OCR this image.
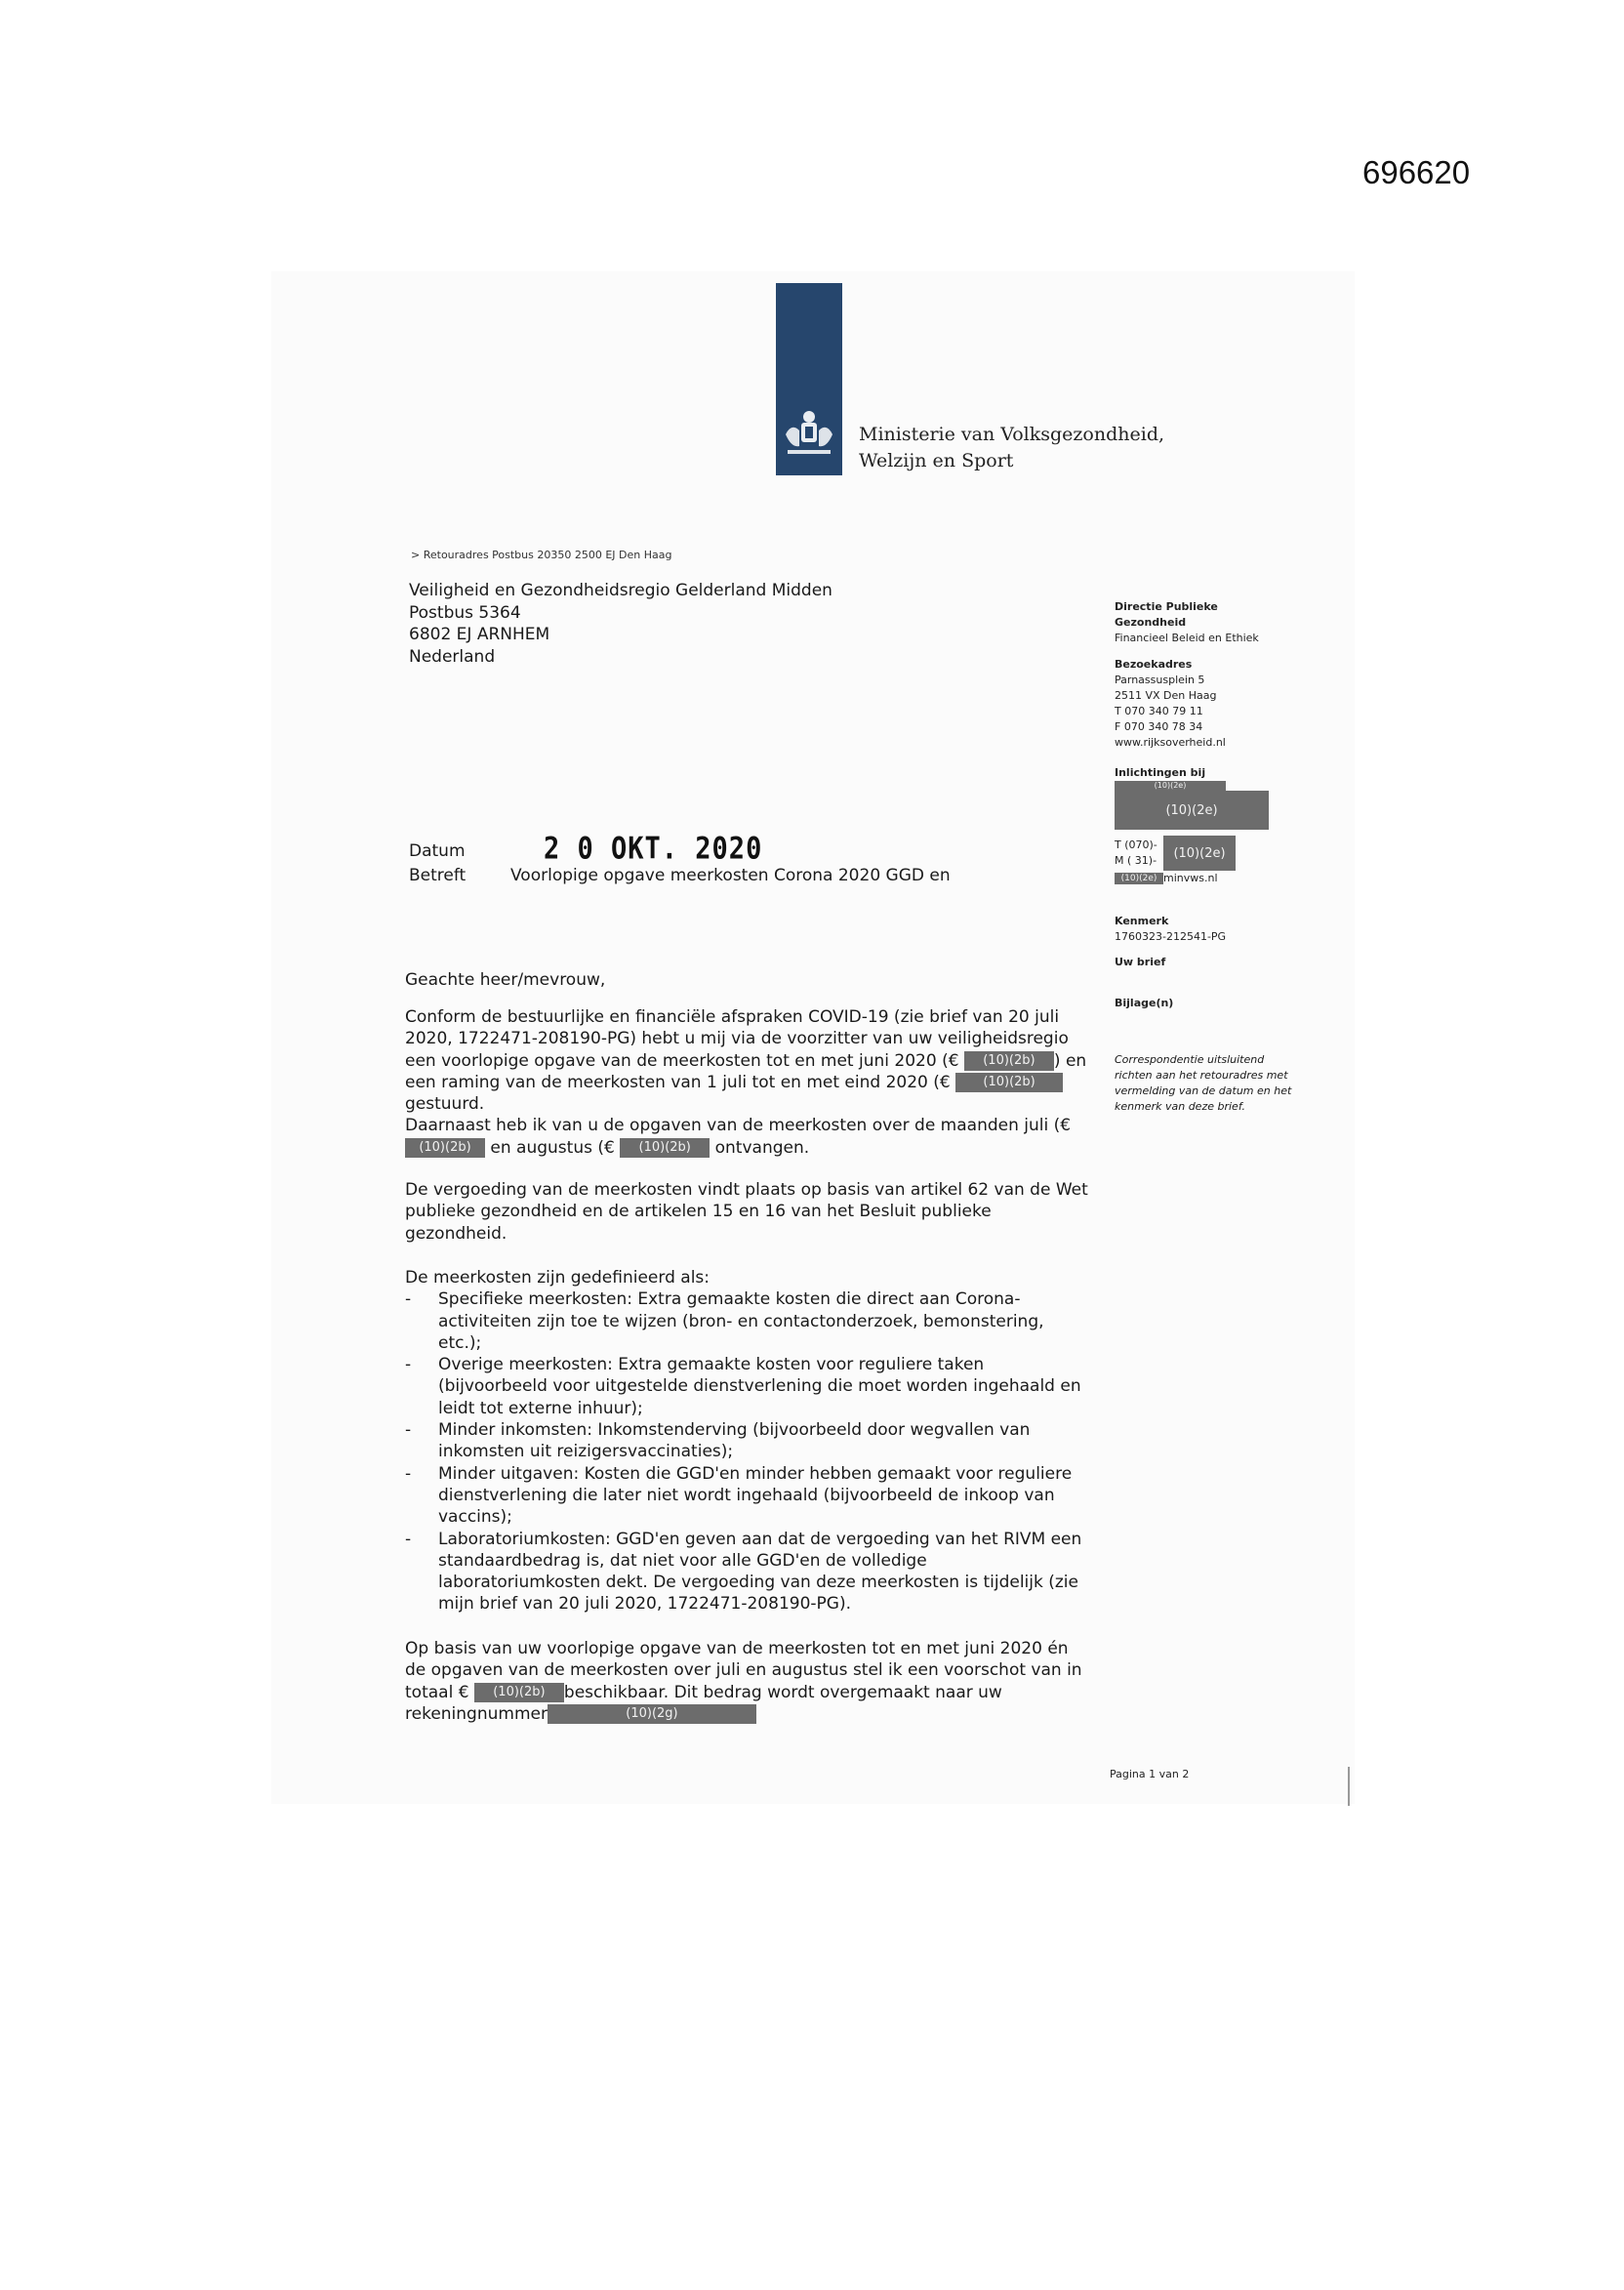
696620
Ministerie van Volksgezondheid,
Welzijn en Sport
> Retouradres Postbus 20350 2500 EJ Den Haag
Veiligheid en Gezondheidsregio Gelderland Midden
Postbus 5364
6802 EJ ARNHEM
Nederland
Directie Publieke
Gezondheid
Financieel Beleid en Ethiek
Bezoekadres
Parnassusplein 5
2511 VX Den Haag
T 070 340 79 11
F 070 340 78 34
www.rijksoverheid.nl
Inlichtingen bij
(10)(2e)
(10)(2e)
T (070)-
M ( 31)-	(10)(2e)
(10)(2e) minvws.nl
Kenmerk
1760323-212541-PG
Uw brief
Bijlage(n)
Correspondentie uitsluitend richten aan het retouradres met vermelding van de datum en het kenmerk van deze brief.
Datum	2 0 OKT. 2020
Betreft	Voorlopige opgave meerkosten Corona 2020 GGD en
Geachte heer/mevrouw,
Conform de bestuurlijke en financiële afspraken COVID-19 (zie brief van 20 juli 2020, 1722471-208190-PG) hebt u mij via de voorzitter van uw veiligheidsregio een voorlopige opgave van de meerkosten tot en met juni 2020 (€ (10)(2b) ) en een raming van de meerkosten van 1 juli tot en met eind 2020 (€ (10)(2b)
gestuurd.
Daarnaast heb ik van u de opgaven van de meerkosten over de maanden juli (€(10)(2b) en augustus (€ (10)(2b) ontvangen.
De vergoeding van de meerkosten vindt plaats op basis van artikel 62 van de Wet publieke gezondheid en de artikelen 15 en 16 van het Besluit publieke gezondheid.
De meerkosten zijn gedefinieerd als:
- Specifieke meerkosten: Extra gemaakte kosten die direct aan Corona-activiteiten zijn toe te wijzen (bron- en contactonderzoek, bemonstering, etc.);
- Overige meerkosten: Extra gemaakte kosten voor reguliere taken (bijvoorbeeld voor uitgestelde dienstverlening die moet worden ingehaald en leidt tot externe inhuur);
- Minder inkomsten: Inkomstenderving (bijvoorbeeld door wegvallen van inkomsten uit reizigersvaccinaties);
- Minder uitgaven: Kosten die GGD'en minder hebben gemaakt voor reguliere dienstverlening die later niet wordt ingehaald (bijvoorbeeld de inkoop van vaccins);
- Laboratoriumkosten: GGD'en geven aan dat de vergoeding van het RIVM een standaardbedrag is, dat niet voor alle GGD'en de volledige laboratoriumkosten dekt. De vergoeding van deze meerkosten is tijdelijk (zie mijn brief van 20 juli 2020, 1722471-208190-PG).
Op basis van uw voorlopige opgave van de meerkosten tot en met juni 2020 én de opgaven van de meerkosten over juli en augustus stel ik een voorschot van in totaal € (10)(2b) beschikbaar. Dit bedrag wordt overgemaakt naar uw rekeningnummer	(10)(2g)
Pagina 1 van 2
